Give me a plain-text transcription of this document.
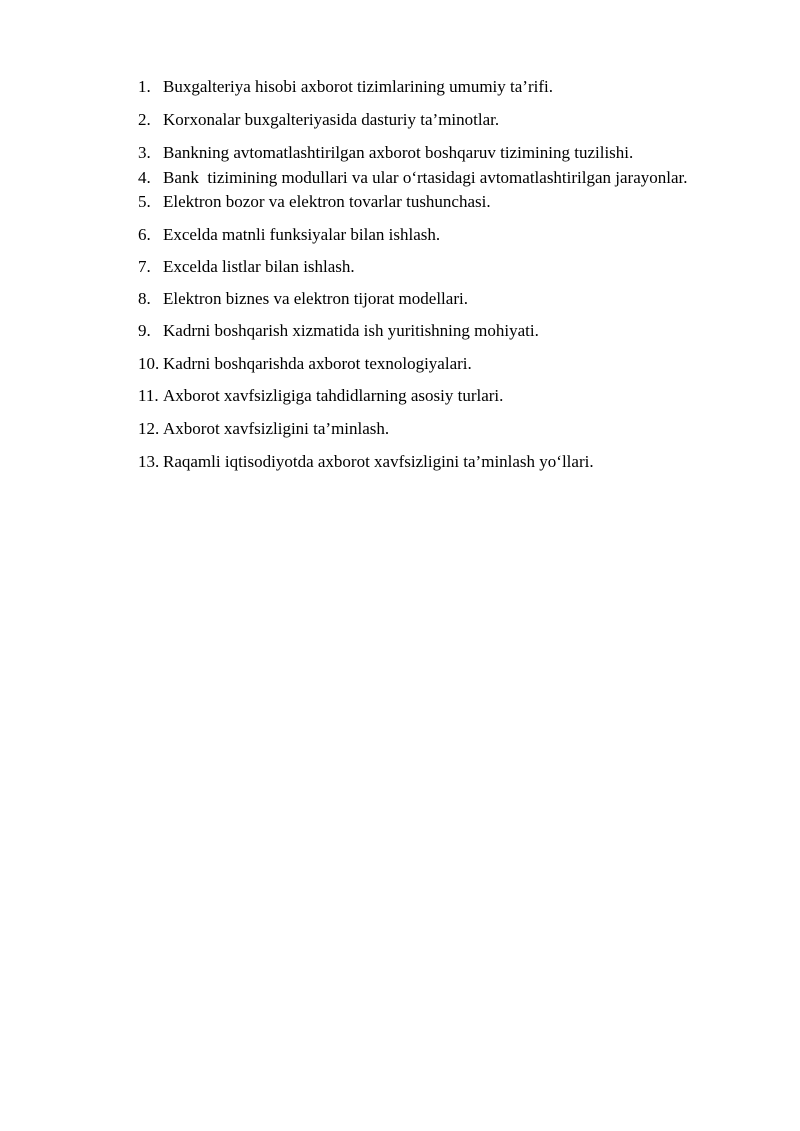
1. Buxgalteriya hisobi axborot tizimlarining umumiy ta’rifi.
2. Korxonalar buxgalteriyasida dasturiy ta’minotlar.
3. Bankning avtomatlashtirilgan axborot boshqaruv tizimining tuzilishi.
4. Bank  tizimining modullari va ular o‘rtasidagi avtomatlashtirilgan jarayonlar.
5. Elektron bozor va elektron tovarlar tushunchasi.
6. Excelda matnli funksiyalar bilan ishlash.
7. Excelda listlar bilan ishlash.
8. Elektron biznes va elektron tijorat modellari.
9. Kadrni boshqarish xizmatida ish yuritishning mohiyati.
10. Kadrni boshqarishda axborot texnologiyalari.
11. Axborot xavfsizligiga tahdidlarning asosiy turlari.
12. Axborot xavfsizligini ta’minlash.
13. Raqamli iqtisodiyotda axborot xavfsizligini ta’minlash yo‘llari.
